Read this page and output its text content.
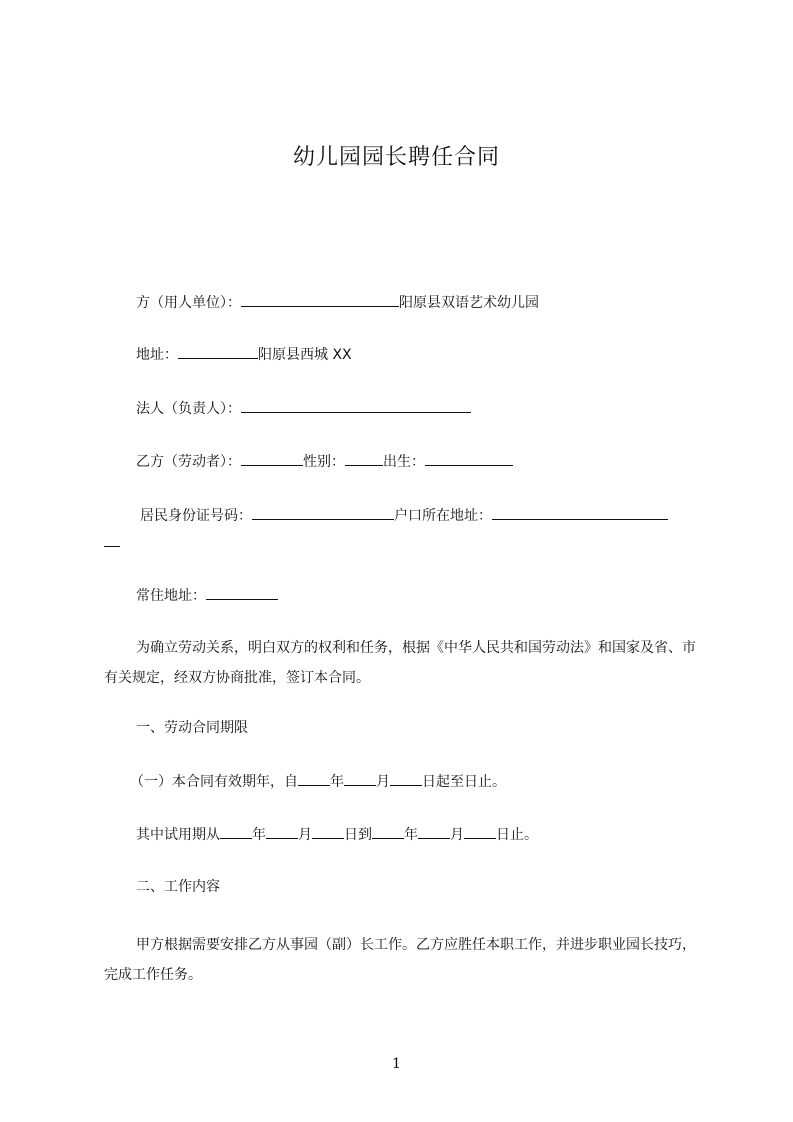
幼儿园园长聘任合同
方（用人单位）：	阳原县双语艺术幼儿园
地址：	阳原县西城 XX
法人（负责人）：
乙方（劳动者）：	性别：	出生：
居民身份证号码：	户口所在地址：
常住地址：
为确立劳动关系，明白双方的权利和任务，根据《中华人民共和国劳动法》和国家及省、市有关规定，经双方协商批准，签订本合同。
一、劳动合同期限
（一）本合同有效期年，自 年 月 日起至日止。
其中试用期从 年 月 日到 年 月 日止。
二、工作内容
甲方根据需要安排乙方从事园（副）长工作。乙方应胜任本职工作，并进步职业园长技巧，完成工作任务。
1
